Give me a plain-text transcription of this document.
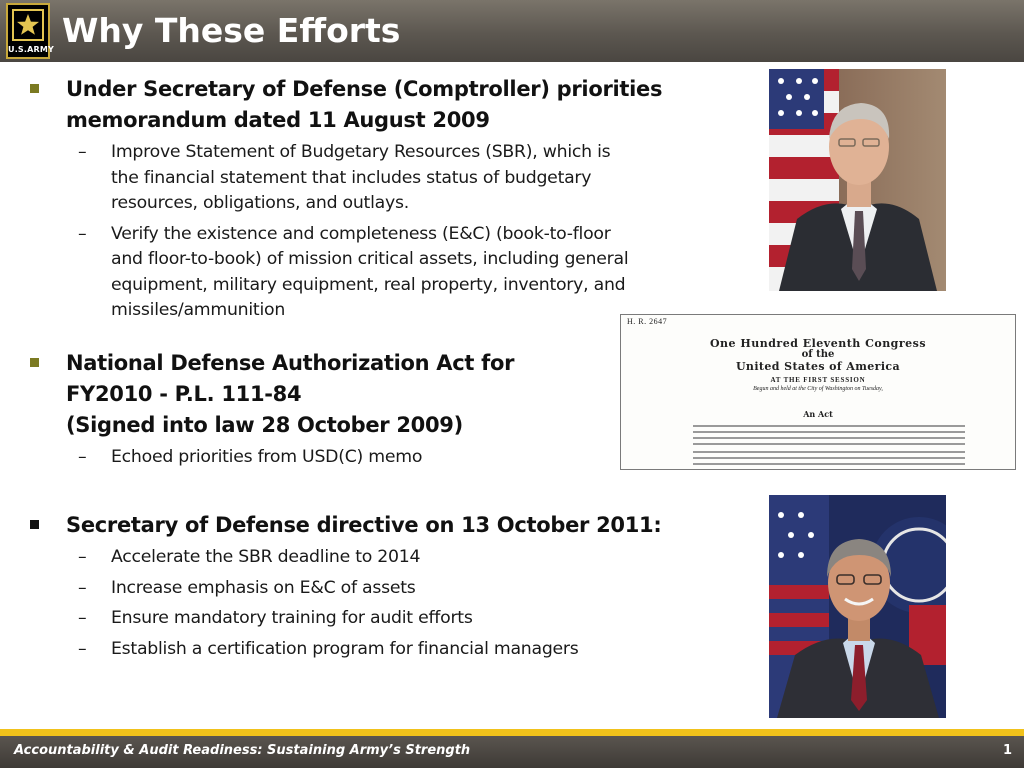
U.S.ARMY Why These Efforts
Under Secretary of Defense (Comptroller) priorities
memorandum dated 11 August 2009
– Improve Statement of Budgetary Resources (SBR), which is
the financial statement that includes status of budgetary
resources, obligations, and outlays.
– Verify the existence and completeness (E&C) (book-to-floor
and floor-to-book) of mission critical assets, including general
equipment, military equipment, real property, inventory, and
missiles/ammunition
National Defense Authorization Act for
FY2010 - P.L. 111-84
(Signed into law 28 October 2009)
– Echoed priorities from USD(C) memo
Secretary of Defense directive on 13 October 2011:
– Accelerate the SBR deadline to 2014
– Increase emphasis on E&C of assets
– Ensure mandatory training for audit efforts
– Establish a certification program for financial managers
H. R. 2647
One Hundred Eleventh Congress
of the
United States of America
AT THE FIRST SESSION
Begun and held at the City of Washington on Tuesday,
An Act
Accountability & Audit Readiness: Sustaining Army’s Strength	1
